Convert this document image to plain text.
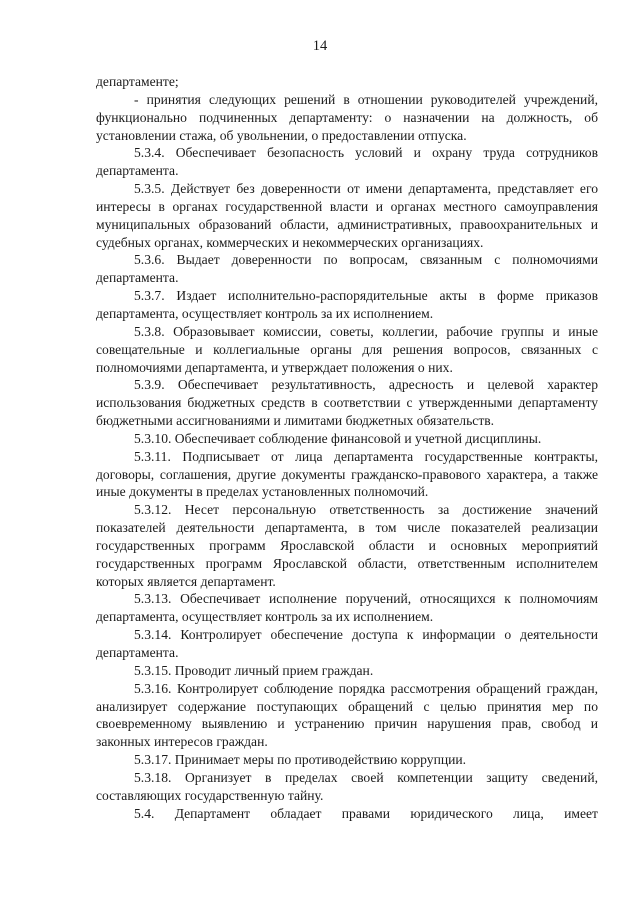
14

департаменте;

- принятия следующих решений в отношении руководителей учреждений, функционально подчиненных департаменту: о назначении на должность, об установлении стажа, об увольнении, о предоставлении отпуска.

5.3.4. Обеспечивает безопасность условий и охрану труда сотрудников департамента.

5.3.5. Действует без доверенности от имени департамента, представляет его интересы в органах государственной власти и органах местного самоуправления муниципальных образований области, административных, правоохранительных и судебных органах, коммерческих и некоммерческих организациях.

5.3.6. Выдает доверенности по вопросам, связанным с полномочиями департамента.

5.3.7. Издает исполнительно-распорядительные акты в форме приказов департамента, осуществляет контроль за их исполнением.

5.3.8. Образовывает комиссии, советы, коллегии, рабочие группы и иные совещательные и коллегиальные органы для решения вопросов, связанных с полномочиями департамента, и утверждает положения о них.

5.3.9. Обеспечивает результативность, адресность и целевой характер использования бюджетных средств в соответствии с утвержденными департаменту бюджетными ассигнованиями и лимитами бюджетных обязательств.

5.3.10. Обеспечивает соблюдение финансовой и учетной дисциплины.

5.3.11. Подписывает от лица департамента государственные контракты, договоры, соглашения, другие документы гражданско-правового характера, а также иные документы в пределах установленных полномочий.

5.3.12. Несет персональную ответственность за достижение значений показателей деятельности департамента, в том числе показателей реализации государственных программ Ярославской области и основных мероприятий государственных программ Ярославской области, ответственным исполнителем которых является департамент.

5.3.13. Обеспечивает исполнение поручений, относящихся к полномочиям департамента, осуществляет контроль за их исполнением.

5.3.14. Контролирует обеспечение доступа к информации о деятельности департамента.

5.3.15. Проводит личный прием граждан.

5.3.16. Контролирует соблюдение порядка рассмотрения обращений граждан, анализирует содержание поступающих обращений с целью принятия мер по своевременному выявлению и устранению причин нарушения прав, свобод и законных интересов граждан.

5.3.17. Принимает меры по противодействию коррупции.

5.3.18. Организует в пределах своей компетенции защиту сведений, составляющих государственную тайну.

5.4. Департамент обладает правами юридического лица, имеет
